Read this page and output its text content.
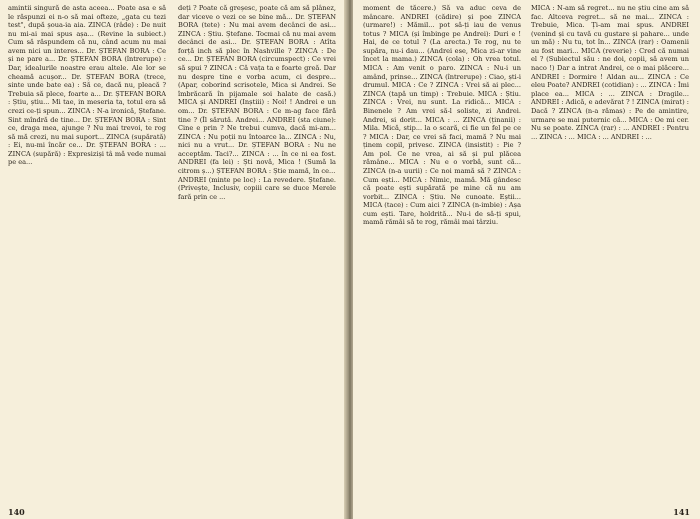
amintii singură de asta aceea... Poate asa e să le răspunzi ei n-o să mai ofteze, „gata cu tezi test", după șoua-ia aia. ZINCA (râde) : De nuit nu mi-ai mai spus așa... (Revine la subiect.) Cum să răspundem că nu, când acum nu mai avem nici un interes... Dr. ȘTEFAN BORA : Ce și ne pare a... Dr. ȘTEFAN BORA (întrerupe) : Dar, idealurile noastre erau altele. Ale lor se cheamă acușor... Dr. ȘTEFAN BORA (trece, sinte unde bate ea) : Să ce, dacă nu, pleacă ? Trebuia să plece, foarte a... Dr. ȘTEFAN BORA : Știu, știu... Mi tae, in meseria ta, totul era să crezi ce-ți spun... ZINCA : N-a ironică, Ștefane. Sint mîndră de tine... Dr. ȘTEFAN BORA : Sint ce, draga mea, ajunge ? Nu mai trevoi, te rog să mă crezi, nu mai suport... ZINCA (supărată) : Ei, nu-mi încăr ce... Dr. ȘTEFAN BORA : ... ZINCA (supără) : Expresiziși tâ mă vede numai pe ea...

deți ? Poate că greșesc, poate că am să plânez, dar viceve o vezi ce se bine mă... Dr. ȘTEFAN BORA (tete) : Nu mai avem decânci de asi... ZINCA : Știu. Ștefane. Tocmai că nu mai avem decânci de asi... Dr. ȘTEFAN BORA : Atîta forță inch să plec în Nashville ? ZINCA : De ce... Dr. ȘTEFAN BORA (circumspect) : Ce vrei să spui ? ZINCA : Că vața ta e foarte greă. Dar nu despre tine e vorba acum, ci despre... (Apar, coborind scrisotele, Mica si Andrei. Se îmbrăcară în pijamale soi halate de casă.) MICA și ANDREI (Inștiii) : Noi! ! Andrei e un om... Dr. ȘTEFAN BORA : Ce m-ag face fără tine ? (Îl sărută. Andrei... ANDREI (sta ciune): Cine e prin ? Ne trebui cumva, dacă mi-am... ZINCA : Nu poții nu întoarce la... ZINCA : Nu, nici nu a vrut... Dr. ȘTEFAN BORA : Nu ne acceptăm. Taci?... ZINCA : ... în ce ni ea fost. ANDREI (fa lei) : Ști novă, Mica ! (Sumă la citrom ș...) ȘTEFAN BORA : Știe mamă, în ce...

ANDREI (minte pe loc) : La revedere. Ștefane. (Privește, Inclusiv, copiii care se duce Merele fară prin ce ...

140

moment de tăcere.) Să va aduc ceva de mâncare. ANDREI (cădire) și poe ZINCA (urmare!) : Mămil... pot să-ți iau de venus totus ? MICA (și îmbinge pe Andrei): Duri e ! Hai, de ce totul ? (La arecta.) Te rog, nu te supăra, nu-i dau... (Andrei ese, Mica zi-ar vine încet la mama.) ZINCA (cola) : Oh vrea totul. MICA : Am venit o paro. ZINCA : Nu-i un amând, prinse... ZINCA (întrerupe) : Ciao, ști-i drumul. MICA : Ce ? ZINCA : Vrei să ai plec... ZINCA (tapă un timp) : Trebuie. MICA : Știu. ZINCA : Vrei, nu sunt. La ridică... MICA : Binenele ? Am vrei să-l soliste, zi Andrei. Andrei, si dorit... MICA : ... ZINCA (ținanii) : Mila. Mică, stip... la o scară, ci fie un fel pe ce ? MICA : Dar, ce vrei să faci, mamă ? Nu mai ținem copil, privesc. ZINCA (insistit) : Pie ? Am pol. Ce ne vrea, ai să și pul plăcea rămâne... MICA : Nu e o vorbă, sunt că... ZINCA (n-a uurii) : Ce noi mamă să ? ZINCA : Cum ești... MICA : Nimic, mamă. Mă gândesc că poate ești supărată pe mine că nu am vorbit... ZINCA : Știu. Ne cunoate. Eștii... MICA (tace) : Cum aici ? ZINCA (n-imbie) : Așa cum ești. Tare, holdrită... Nu-i de să-ți spui, mamă rămâi să te rog, rămâi mai târziu.

MICA : N-am să regret... nu ne știu cine am să fac. Altceva regret... să ne mai... ZINCA : Trebuie, Mica. Ți-am mai spus. ANDREI (venind și cu tavă cu gustare și pahare... unde un mă) : Nu tu, tot în... ZINCA (rar) : Oamenii au fost mari... MICA (reverie) : Cred că numai el ? (Subiectul său : ne doi, copii, să avem un naco !) Dar a intrat Andrei, ce o mai plăcere... ANDREI : Dormire ! Aldan au... ZINCA : Ce eleu Poate? ANDREI (cotidian) : ... ZINCA : Îmi place ea... MICA : ... ZINCA : Dragile... ANDREI : Adică, e adevărat ? ! ZINCA (mirat) : Dacă ? ZINCA (n-a rămas) : Pe de amintire, urmare se mai puternic că... MICA : Oe mi cer. Nu se poate. ZINCA (rar) : ... ANDREI : Pentru ... ZINCA : ... MICA : ... ANDREI : ...

141
